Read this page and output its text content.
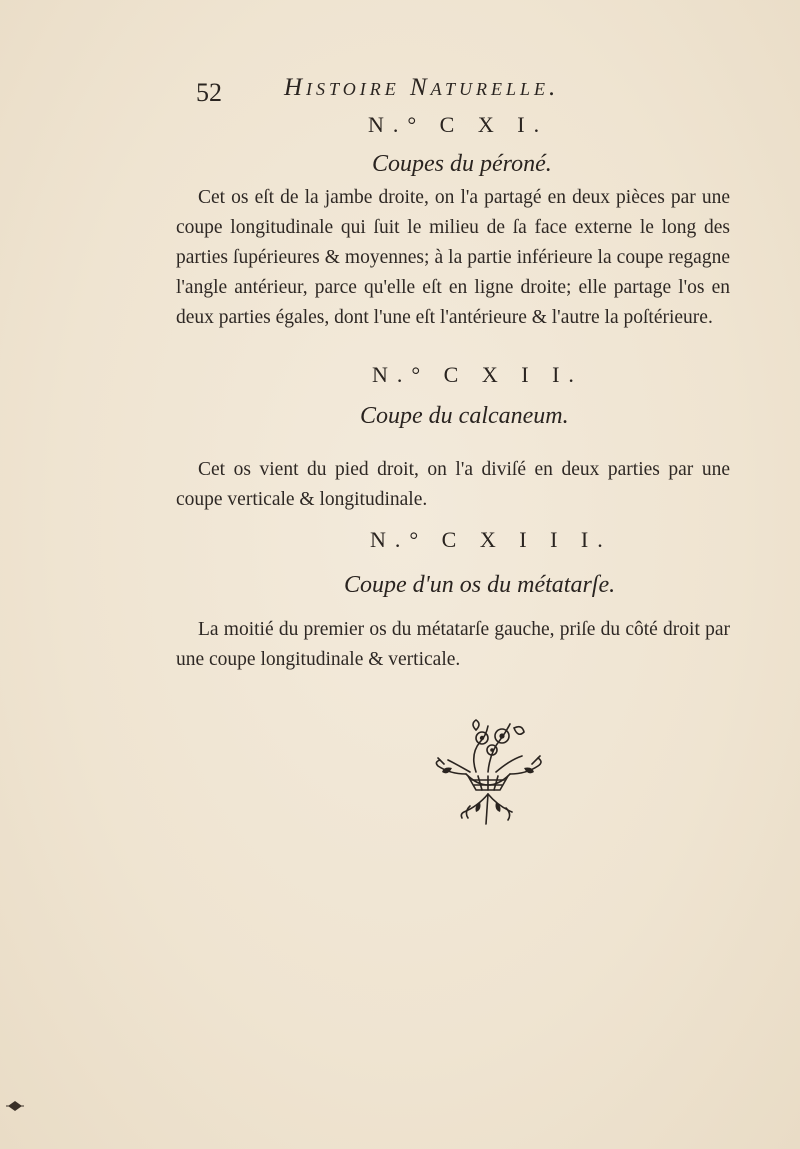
52 Histoire Naturelle.
N.° C X I.
Coupes du péroné.
Cet os eſt de la jambe droite, on l'a partagé en deux pièces par une coupe longitudinale qui ſuit le milieu de ſa face externe le long des parties ſupérieures & moyennes; à la partie inférieure la coupe regagne l'angle antérieur, parce qu'elle eſt en ligne droite; elle partage l'os en deux parties égales, dont l'une eſt l'antérieure & l'autre la poſtérieure.
N.° C X I I.
Coupe du calcaneum.
Cet os vient du pied droit, on l'a diviſé en deux parties par une coupe verticale & longitudinale.
N.° C X I I I.
Coupe d'un os du métatarſe.
La moitié du premier os du métatarſe gauche, priſe du côté droit par une coupe longitudinale & verticale.
